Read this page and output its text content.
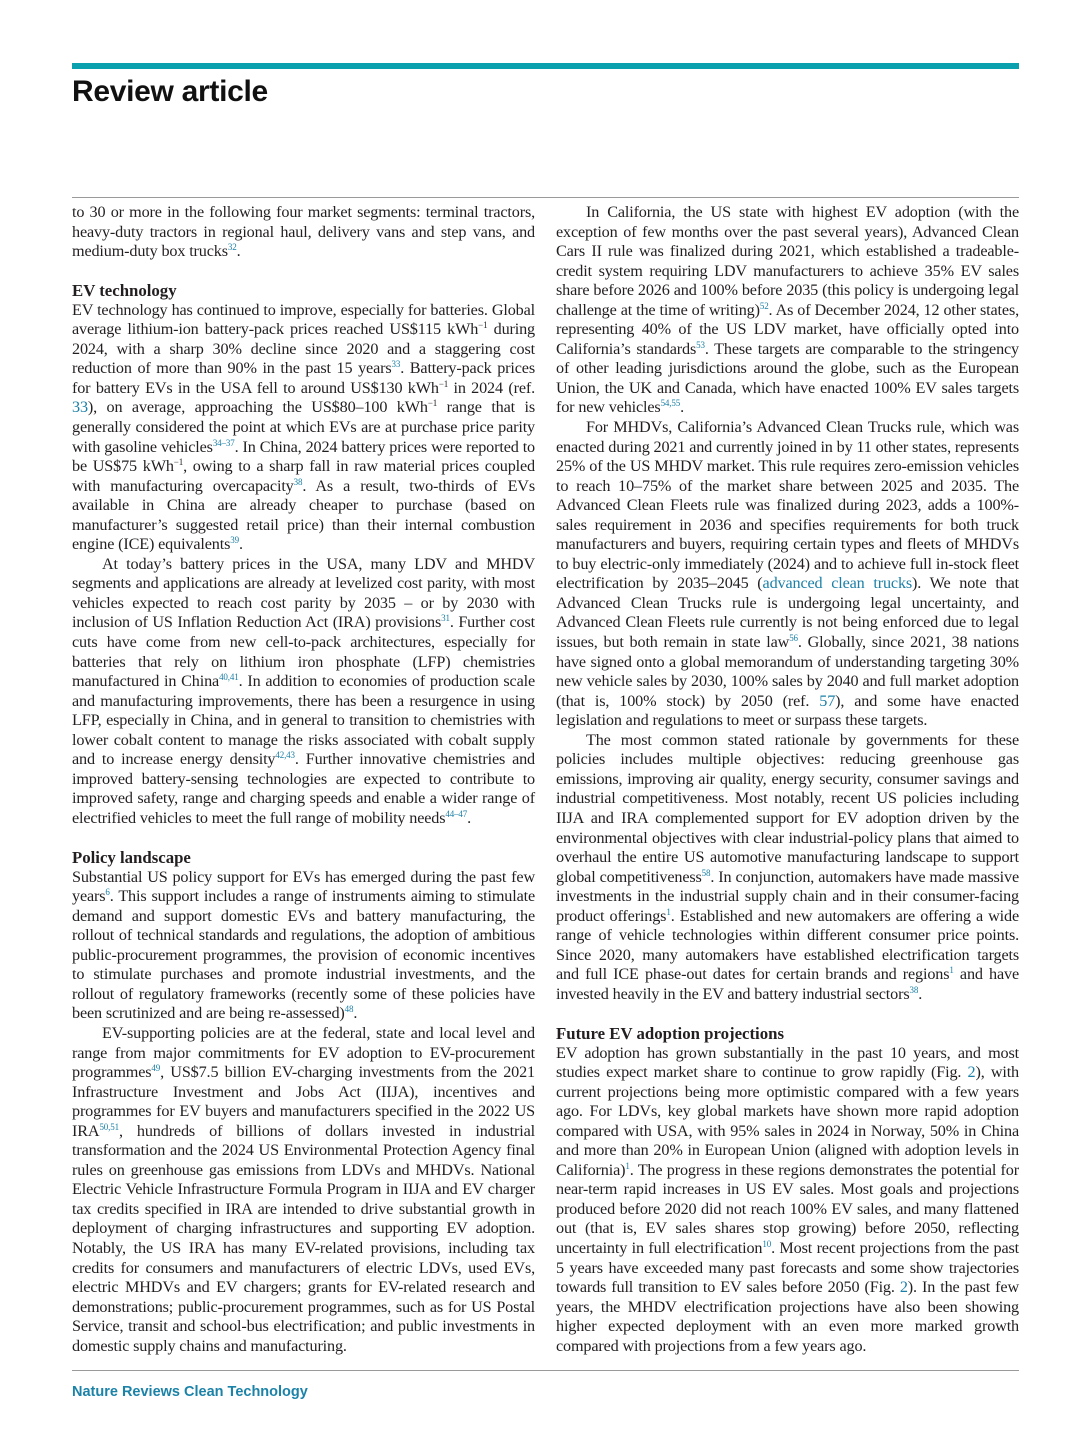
Review article

to 30 or more in the following four market segments: terminal tractors, heavy-duty tractors in regional haul, delivery vans and step vans, and medium-duty box trucks$^{32}$.

EV technology

EV technology has continued to improve, especially for batteries. Global average lithium-ion battery-pack prices reached US$115 kWh$^{-1}$ during 2024, with a sharp 30% decline since 2020 and a staggering cost reduction of more than 90% in the past 15 years$^{33}$. Battery-pack prices for battery EVs in the USA fell to around US$130 kWh$^{-1}$ in 2024 (ref. 33), on average, approaching the US$80–100 kWh$^{-1}$ range that is generally considered the point at which EVs are at purchase price parity with gasoline vehicles$^{34-37}$. In China, 2024 battery prices were reported to be US$75 kWh$^{-1}$, owing to a sharp fall in raw material prices coupled with manufacturing overcapacity$^{38}$. As a result, two-thirds of EVs available in China are already cheaper to purchase (based on manufacturer’s suggested retail price) than their internal combustion engine (ICE) equivalents$^{39}$.

At today’s battery prices in the USA, many LDV and MHDV segments and applications are already at levelized cost parity, with most vehicles expected to reach cost parity by 2035 – or by 2030 with inclusion of US Inflation Reduction Act (IRA) provisions$^{31}$. Further cost cuts have come from new cell-to-pack architectures, especially for batteries that rely on lithium iron phosphate (LFP) chemistries manufactured in China$^{40,41}$. In addition to economies of production scale and manufacturing improvements, there has been a resurgence in using LFP, especially in China, and in general to transition to chemistries with lower cobalt content to manage the risks associated with cobalt supply and to increase energy density$^{42,43}$. Further innovative chemistries and improved battery-sensing technologies are expected to contribute to improved safety, range and charging speeds and enable a wider range of electrified vehicles to meet the full range of mobility needs$^{44-47}$.

Policy landscape

Substantial US policy support for EVs has emerged during the past few years$^6$. This support includes a range of instruments aiming to stimulate demand and support domestic EVs and battery manufacturing, the rollout of technical standards and regulations, the adoption of ambitious public-procurement programmes, the provision of economic incentives to stimulate purchases and promote industrial investments, and the rollout of regulatory frameworks (recently some of these policies have been scrutinized and are being re-assessed)$^{48}$.

EV-supporting policies are at the federal, state and local level and range from major commitments for EV adoption to EV-procurement programmes$^{49}$, US$7.5 billion EV-charging investments from the 2021 Infrastructure Investment and Jobs Act (IIJA), incentives and programmes for EV buyers and manufacturers specified in the 2022 US IRA$^{50,51}$, hundreds of billions of dollars invested in industrial transformation and the 2024 US Environmental Protection Agency final rules on greenhouse gas emissions from LDVs and MHDVs. National Electric Vehicle Infrastructure Formula Program in IIJA and EV charger tax credits specified in IRA are intended to drive substantial growth in deployment of charging infrastructures and supporting EV adoption. Notably, the US IRA has many EV-related provisions, including tax credits for consumers and manufacturers of electric LDVs, used EVs, electric MHDVs and EV chargers; grants for EV-related research and demonstrations; public-procurement programmes, such as for US Postal Service, transit and school-bus electrification; and public investments in domestic supply chains and manufacturing.

In California, the US state with highest EV adoption (with the exception of few months over the past several years), Advanced Clean Cars II rule was finalized during 2021, which established a tradeable-credit system requiring LDV manufacturers to achieve 35% EV sales share before 2026 and 100% before 2035 (this policy is undergoing legal challenge at the time of writing)$^{52}$. As of December 2024, 12 other states, representing 40% of the US LDV market, have officially opted into California’s standards$^{53}$. These targets are comparable to the stringency of other leading jurisdictions around the globe, such as the European Union, the UK and Canada, which have enacted 100% EV sales targets for new vehicles$^{54,55}$.

For MHDVs, California’s Advanced Clean Trucks rule, which was enacted during 2021 and currently joined in by 11 other states, represents 25% of the US MHDV market. This rule requires zero-emission vehicles to reach 10–75% of the market share between 2025 and 2035. The Advanced Clean Fleets rule was finalized during 2023, adds a 100%-sales requirement in 2036 and specifies requirements for both truck manufacturers and buyers, requiring certain types and fleets of MHDVs to buy electric-only immediately (2024) and to achieve full in-stock fleet electrification by 2035–2045 (advanced clean trucks). We note that Advanced Clean Trucks rule is undergoing legal uncertainty, and Advanced Clean Fleets rule currently is not being enforced due to legal issues, but both remain in state law$^{56}$. Globally, since 2021, 38 nations have signed onto a global memorandum of understanding targeting 30% new vehicle sales by 2030, 100% sales by 2040 and full market adoption (that is, 100% stock) by 2050 (ref. 57), and some have enacted legislation and regulations to meet or surpass these targets.

The most common stated rationale by governments for these policies includes multiple objectives: reducing greenhouse gas emissions, improving air quality, energy security, consumer savings and industrial competitiveness. Most notably, recent US policies including IIJA and IRA complemented support for EV adoption driven by the environmental objectives with clear industrial-policy plans that aimed to overhaul the entire US automotive manufacturing landscape to support global competitiveness$^{58}$. In conjunction, automakers have made massive investments in the industrial supply chain and in their consumer-facing product offerings$^1$. Established and new automakers are offering a wide range of vehicle technologies within different consumer price points. Since 2020, many automakers have established electrification targets and full ICE phase-out dates for certain brands and regions$^1$ and have invested heavily in the EV and battery industrial sectors$^{38}$.

Future EV adoption projections

EV adoption has grown substantially in the past 10 years, and most studies expect market share to continue to grow rapidly (Fig. 2), with current projections being more optimistic compared with a few years ago. For LDVs, key global markets have shown more rapid adoption compared with USA, with 95% sales in 2024 in Norway, 50% in China and more than 20% in European Union (aligned with adoption levels in California)$^1$. The progress in these regions demonstrates the potential for near-term rapid increases in US EV sales. Most goals and projections produced before 2020 did not reach 100% EV sales, and many flattened out (that is, EV sales shares stop growing) before 2050, reflecting uncertainty in full electrification$^{10}$. Most recent projections from the past 5 years have exceeded many past forecasts and some show trajectories towards full transition to EV sales before 2050 (Fig. 2). In the past few years, the MHDV electrification projections have also been showing higher expected deployment with an even more marked growth compared with projections from a few years ago.

Nature Reviews Clean Technology
